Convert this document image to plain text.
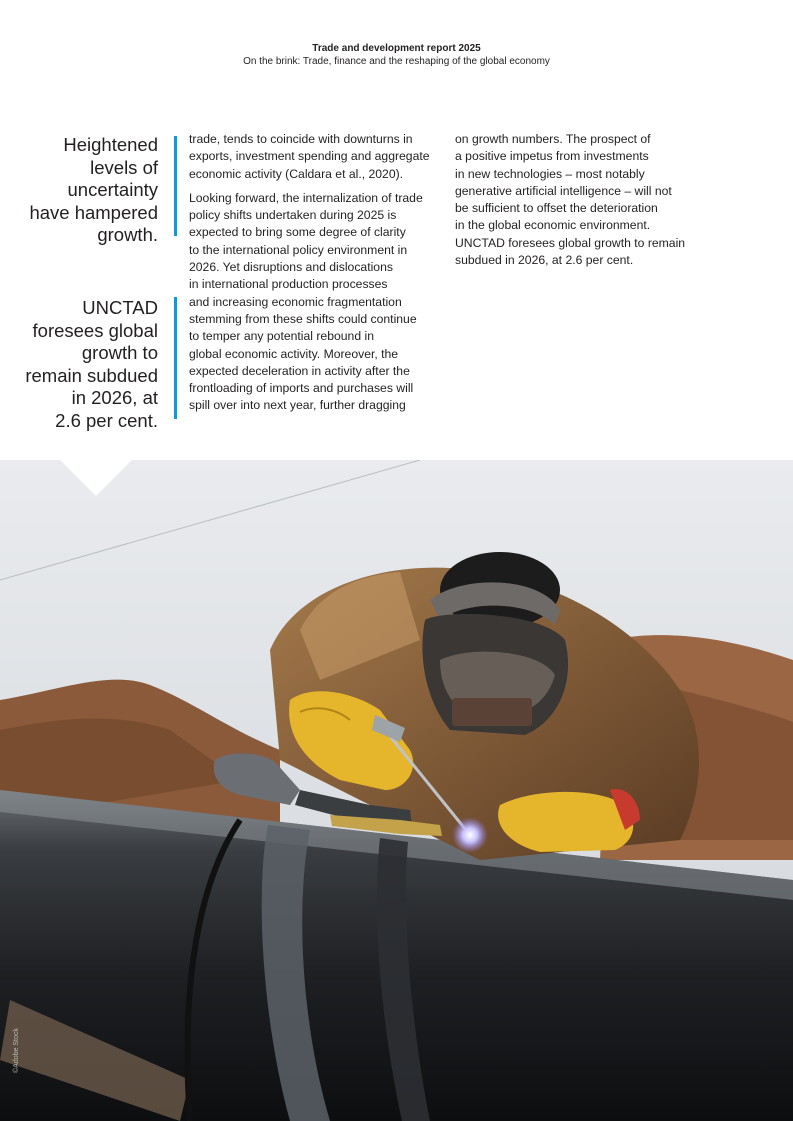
Trade and development report 2025
On the brink: Trade, finance and the reshaping of the global economy
Heightened
levels of
uncertainty
have hampered
growth.
UNCTAD
foresees global
growth to
remain subdued
in 2026, at
2.6 per cent.

trade, tends to coincide with downturns in
exports, investment spending and aggregate
economic activity (Caldara et al., 2020).

Looking forward, the internalization of trade
policy shifts undertaken during 2025 is
expected to bring some degree of clarity
to the international policy environment in
2026. Yet disruptions and dislocations
in international production processes
and increasing economic fragmentation
stemming from these shifts could continue
to temper any potential rebound in
global economic activity. Moreover, the
expected deceleration in activity after the
frontloading of imports and purchases will
spill over into next year, further dragging

on growth numbers. The prospect of
a positive impetus from investments
in new technologies – most notably
generative artificial intelligence – will not
be sufficient to offset the deterioration
in the global economic environment.
UNCTAD foresees global growth to remain
subdued in 2026, at 2.6 per cent.

©Adobe Stock
